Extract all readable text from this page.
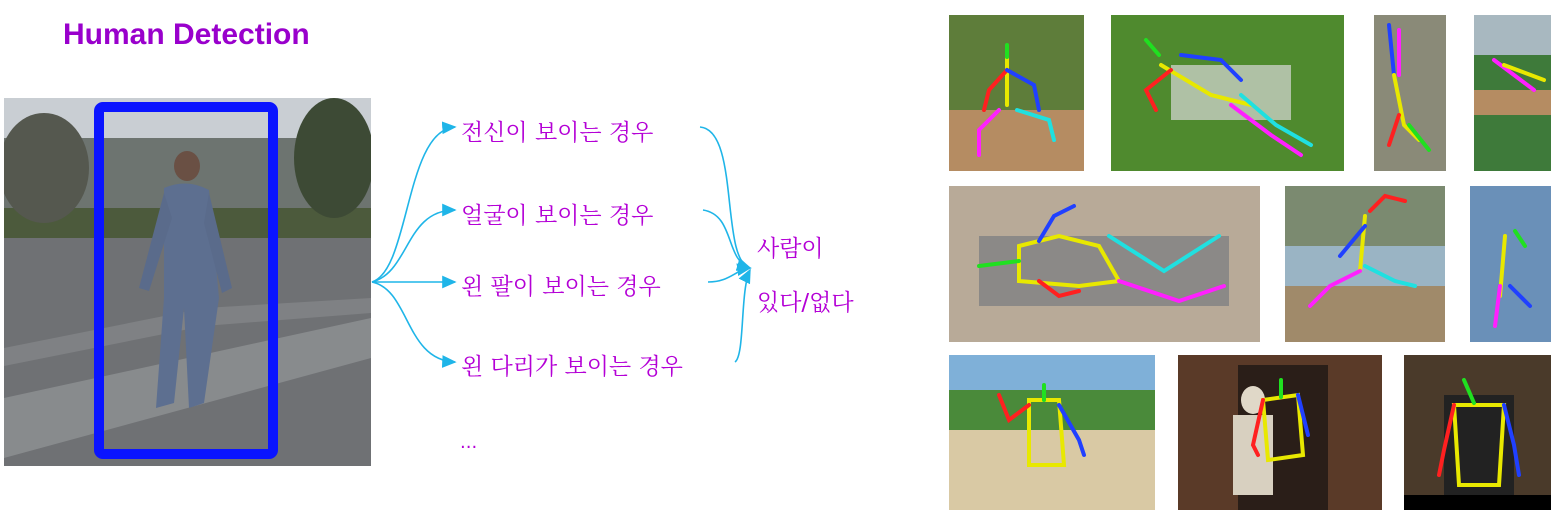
Human Detection
전신이 보이는 경우
얼굴이 보이는 경우
왼 팔이 보이는 경우
왼 다리가 보이는 경우
...
사람이
있다/없다
